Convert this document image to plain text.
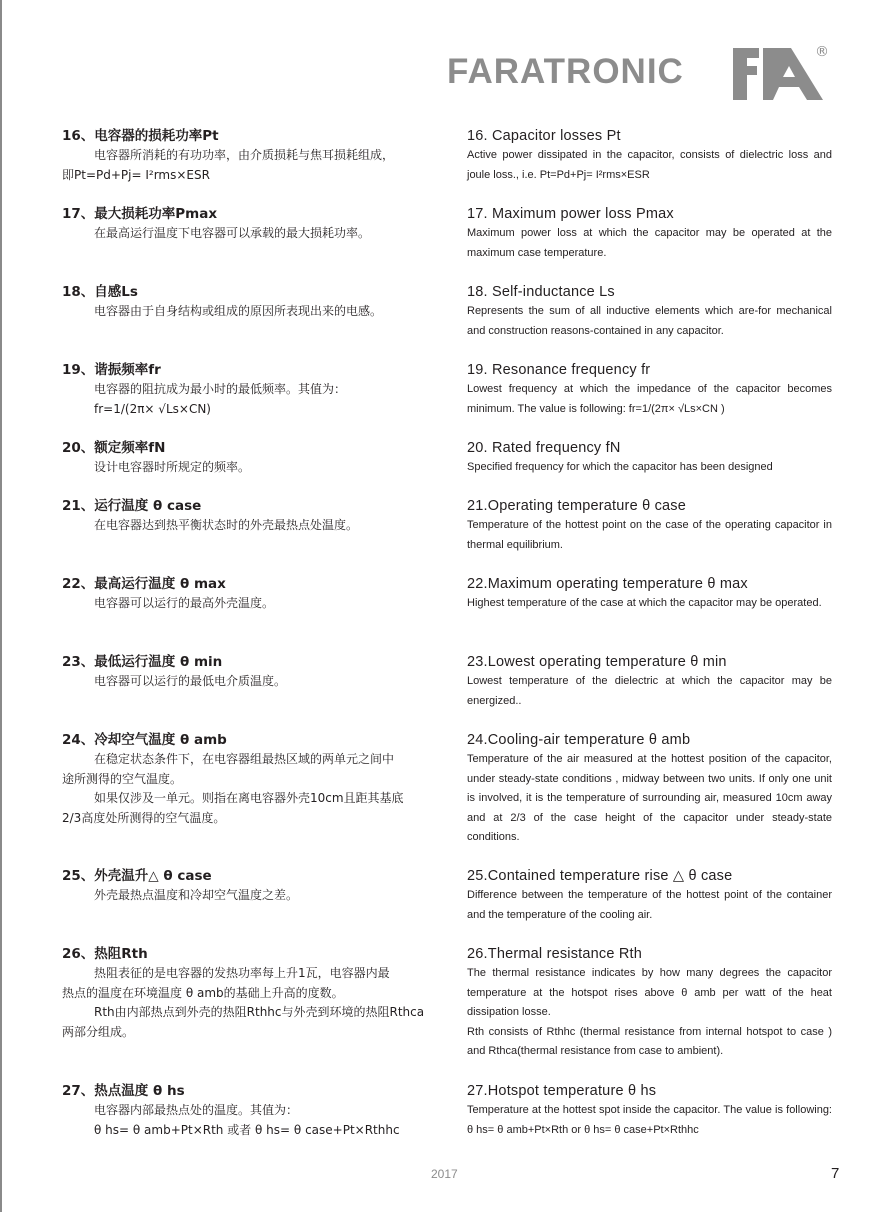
FARATRONIC	®
16、电容器的损耗功率Pt
电容器所消耗的有功功率，由介质损耗与焦耳损耗组成，
即Pt=Pd+Pj= I²rms×ESR
17、最大损耗功率Pmax
在最高运行温度下电容器可以承载的最大损耗功率。
18、自感Ls
电容器由于自身结构或组成的原因所表现出来的电感。
19、谐振频率fr
电容器的阻抗成为最小时的最低频率。其值为：
fr=1/(2π× √Ls×CN)
20、额定频率fN
设计电容器时所规定的频率。
21、运行温度 θ case
在电容器达到热平衡状态时的外壳最热点处温度。
22、最高运行温度 θ max
电容器可以运行的最高外壳温度。
23、最低运行温度 θ min
电容器可以运行的最低电介质温度。
24、冷却空气温度 θ amb
在稳定状态条件下，在电容器组最热区域的两单元之间中
途所测得的空气温度。
如果仅涉及一单元。则指在离电容器外壳10cm且距其基底
2/3高度处所测得的空气温度。
25、外壳温升△ θ case
外壳最热点温度和冷却空气温度之差。
26、热阻Rth
热阻表征的是电容器的发热功率每上升1瓦，电容器内最
热点的温度在环境温度 θ amb的基础上升高的度数。
Rth由内部热点到外壳的热阻Rthhc与外壳到环境的热阻Rthca
两部分组成。
27、热点温度 θ hs
电容器内部最热点处的温度。其值为：
θ hs= θ amb+Pt×Rth 或者 θ hs= θ case+Pt×Rthhc
16. Capacitor losses Pt
Active power dissipated in the capacitor, consists of dielectric loss and joule loss., i.e. Pt=Pd+Pj= I²rms×ESR
17. Maximum power loss Pmax
Maximum power loss at which the capacitor may be operated at the maximum case temperature.
18. Self-inductance Ls
Represents the sum of all inductive elements which are-for mechanical and construction reasons-contained in any capacitor.
19. Resonance frequency fr
Lowest frequency at which the impedance of the capacitor becomes minimum. The value is following: fr=1/(2π× √Ls×CN )
20. Rated frequency fN
Specified frequency for which the capacitor has been designed
21.Operating temperature θ case
Temperature of the hottest point on the case of the operating capacitor in thermal equilibrium.
22.Maximum operating temperature θ max
Highest temperature of the case at which the capacitor may be operated.
23.Lowest operating temperature θ min
Lowest temperature of the dielectric at which the capacitor may be energized..
24.Cooling-air temperature θ amb
Temperature of the air measured at the hottest position of the capacitor, under steady-state conditions , midway between two units. If only one unit is involved, it is the temperature of surrounding air, measured 10cm away and at 2/3 of the case height of the capacitor under steady-state conditions.
25.Contained temperature rise △ θ case
Difference between the temperature of the hottest point of the container and the temperature of the cooling air.
26.Thermal resistance Rth
The thermal resistance indicates by how many degrees the capacitor temperature at the hotspot rises above θ amb per watt of the heat dissipation losse.
Rth consists of Rthhc (thermal resistance from internal hotspot to case ) and Rthca(thermal resistance from case to ambient).
27.Hotspot temperature θ hs
Temperature at the hottest spot inside the capacitor. The value is following: θ hs= θ amb+Pt×Rth or θ hs= θ case+Pt×Rthhc
2017	7
